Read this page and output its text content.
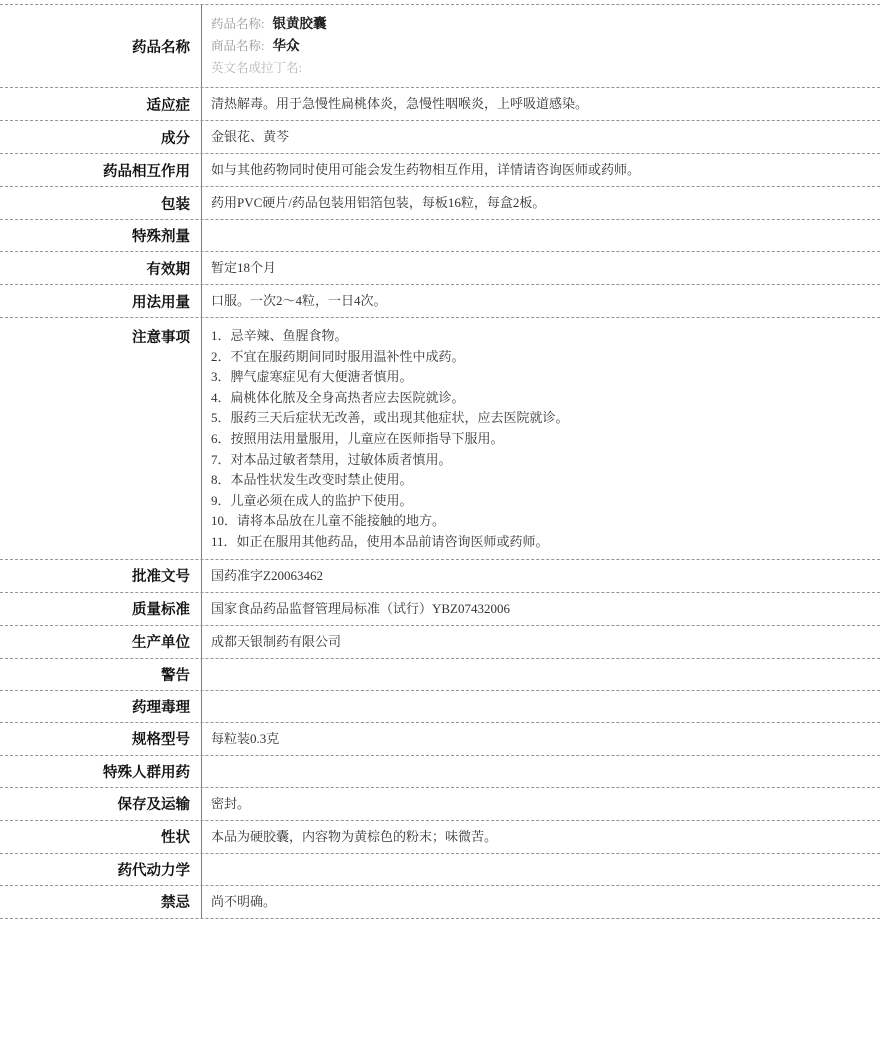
药品名称
药品名称: 银黄胶囊
商品名称: 华众
英文名或拉丁名:
适应症	清热解毒。用于急慢性扁桃体炎，急慢性咽喉炎，上呼吸道感染。
成分	金银花、黄芩
药品相互作用	如与其他药物同时使用可能会发生药物相互作用，详情请咨询医师或药师。
包装	药用PVC硬片/药品包装用铝箔包装，每板16粒，每盒2板。
特殊剂量
有效期	暂定18个月
用法用量	口服。一次2～4粒，一日4次。
注意事项	1．忌辛辣、鱼腥食物。
2．不宜在服药期间同时服用温补性中成药。
3．脾气虚寒症见有大便溏者慎用。
4．扁桃体化脓及全身高热者应去医院就诊。
5．服药三天后症状无改善，或出现其他症状，应去医院就诊。
6．按照用法用量服用，儿童应在医师指导下服用。
7．对本品过敏者禁用，过敏体质者慎用。
8．本品性状发生改变时禁止使用。
9．儿童必须在成人的监护下使用。
10．请将本品放在儿童不能接触的地方。
11．如正在服用其他药品，使用本品前请咨询医师或药师。
批准文号	国药准字Z20063462
质量标准	国家食品药品监督管理局标准（试行）YBZ07432006
生产单位	成都天银制药有限公司
警告
药理毒理
规格型号	每粒装0.3克
特殊人群用药
保存及运输	密封。
性状	本品为硬胶囊，内容物为黄棕色的粉末；味微苦。
药代动力学
禁忌	尚不明确。
